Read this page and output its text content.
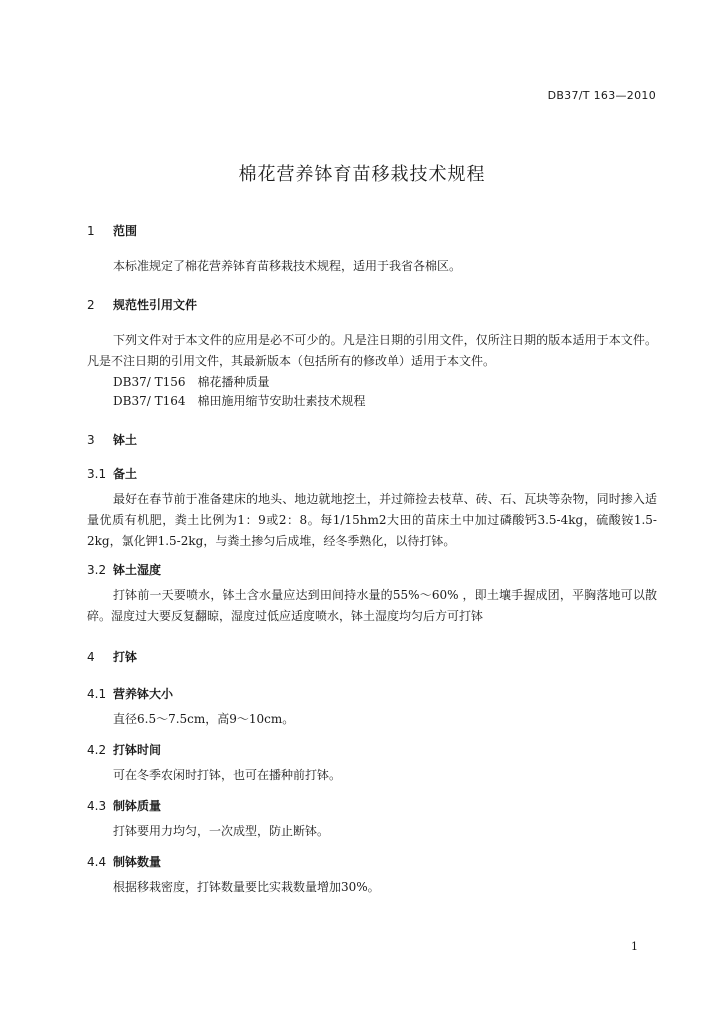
DB37/T 163—2010
棉花营养钵育苗移栽技术规程
1 范围
本标准规定了棉花营养钵育苗移栽技术规程，适用于我省各棉区。
2 规范性引用文件
下列文件对于本文件的应用是必不可少的。凡是注日期的引用文件，仅所注日期的版本适用于本文件。凡是不注日期的引用文件，其最新版本（包括所有的修改单）适用于本文件。
DB37/ T156 棉花播种质量
DB37/ T164 棉田施用缩节安助壮素技术规程
3 钵土
3.1 备土
最好在春节前于准备建床的地头、地边就地挖土，并过筛捡去枝草、砖、石、瓦块等杂物，同时掺入适量优质有机肥，粪土比例为1：9或2：8。每1/15hm2大田的苗床土中加过磷酸钙3.5-4kg，硫酸铵1.5-2kg，氯化钾1.5-2kg，与粪土掺匀后成堆，经冬季熟化，以待打钵。
3.2 钵土湿度
打钵前一天要喷水，钵土含水量应达到田间持水量的55%～60% ，即土壤手握成团，平胸落地可以散碎。湿度过大要反复翻晾，湿度过低应适度喷水，钵土湿度均匀后方可打钵
4 打钵
4.1 营养钵大小
直径6.5～7.5cm，高9～10cm。
4.2 打钵时间
可在冬季农闲时打钵，也可在播种前打钵。
4.3 制钵质量
打钵要用力均匀，一次成型，防止断钵。
4.4 制钵数量
根据移栽密度，打钵数量要比实栽数量增加30%。
1
